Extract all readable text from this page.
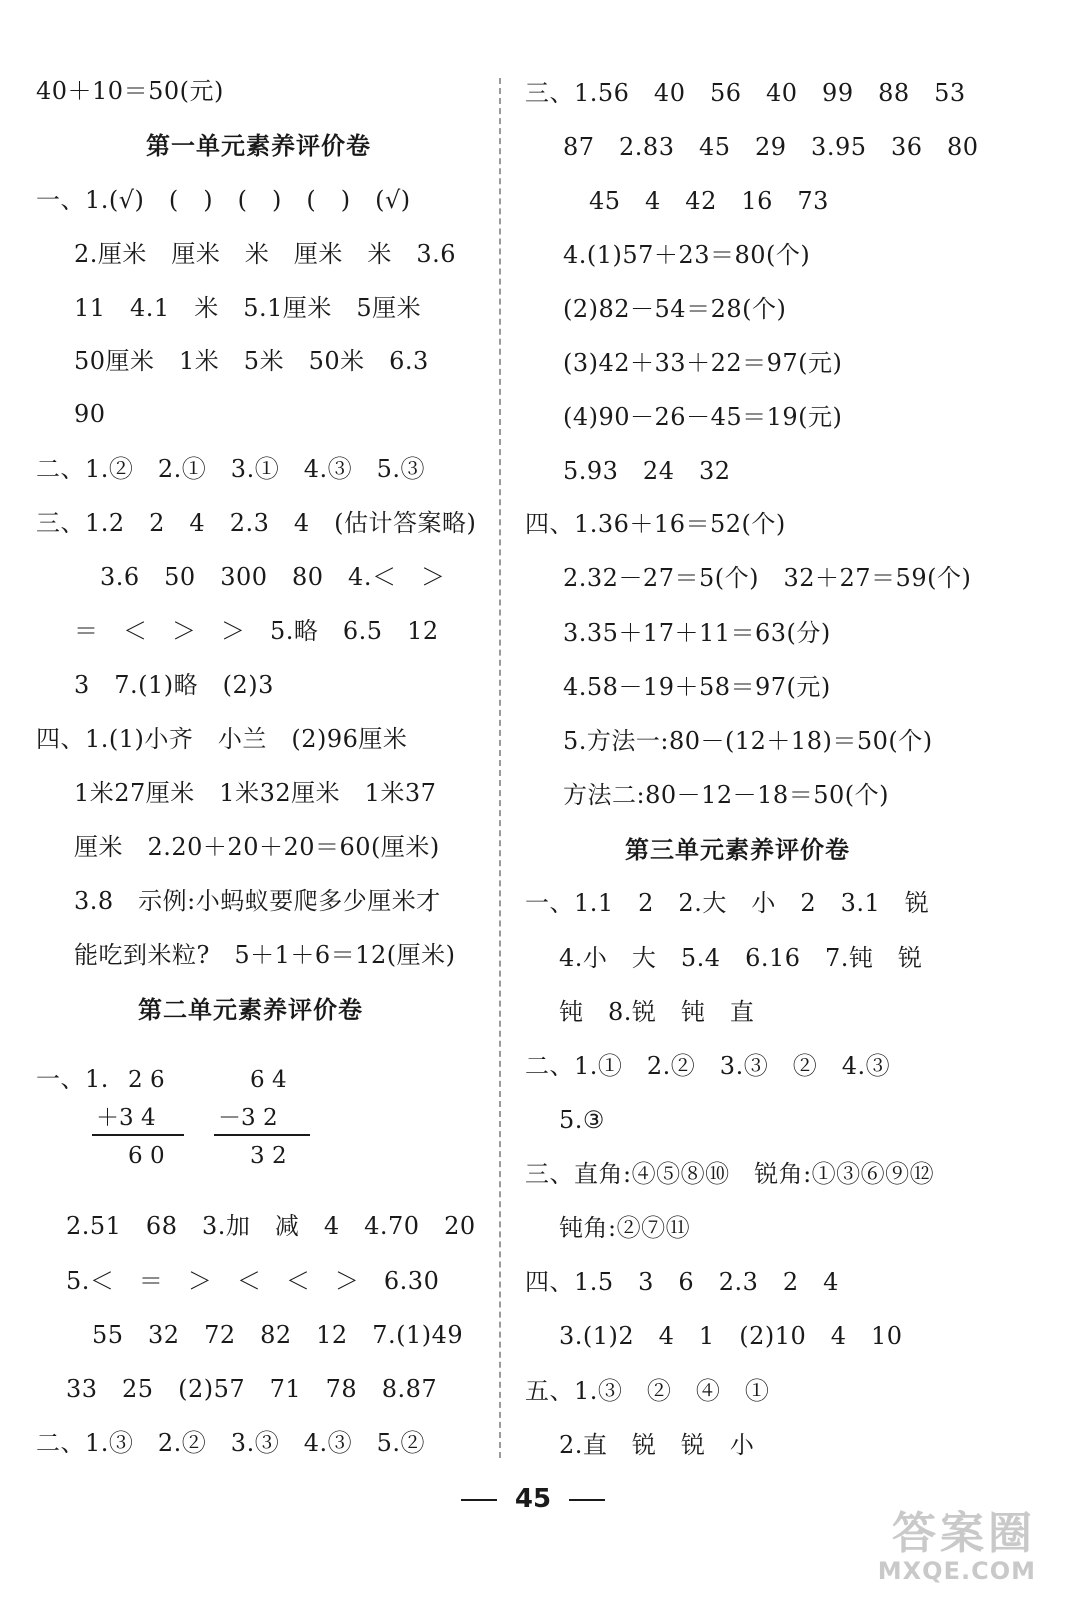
40＋10＝50(元)
第一单元素养评价卷
一、1.(√)　(　)　(　)　(　)　(√)
2.厘米　厘米　米　厘米　米　3.6
11　4.1　米　5.1厘米　5厘米
50厘米　1米　5米　50米　6.3
90
二、1.②　2.①　3.①　4.③　5.③
三、1.2　2　4　2.3　4　(估计答案略)
3.6　50　300　80　4.＜　＞
＝　＜　＞　＞　5.略　6.5　12
3　7.(1)略　(2)3
四、1.(1)小齐　小兰　(2)96厘米
1米27厘米　1米32厘米　1米37
厘米　2.20＋20＋20＝60(厘米)
3.8　示例:小蚂蚁要爬多少厘米才
能吃到米粒?　5＋1＋6＝12(厘米)
第二单元素养评价卷
一、1. 2 6
＋3 4
6 0
6 4
－3 2
3 2
2.51　68　3.加　减　4　4.70　20
5.＜　＝　＞　＜　＜　＞　6.30
55　32　72　82　12　7.(1)49
33　25　(2)57　71　78　8.87
二、1.③　2.②　3.③　4.③　5.②
三、1.56　40　56　40　99　88　53
87　2.83　45　29　3.95　36　80
45　4　42　16　73
4.(1)57＋23＝80(个)
(2)82－54＝28(个)
(3)42＋33＋22＝97(元)
(4)90－26－45＝19(元)
5.93　24　32
四、1.36＋16＝52(个)
2.32－27＝5(个)　32＋27＝59(个)
3.35＋17＋11＝63(分)
4.58－19＋58＝97(元)
5.方法一:80－(12＋18)＝50(个)
方法二:80－12－18＝50(个)
第三单元素养评价卷
一、1.1　2　2.大　小　2　3.1　锐
4.小　大　5.4　6.16　7.钝　锐
钝　8.锐　钝　直
二、1.①　2.②　3.③　②　4.③
5.③
三、直角:④⑤⑧⑩　锐角:①③⑥⑨⑫
钝角:②⑦⑪
四、1.5　3　6　2.3　2　4
3.(1)2　4　1　(2)10　4　10
五、1.③　②　④　①
2.直　锐　锐　小
45
答案圈
MXQE.COM
